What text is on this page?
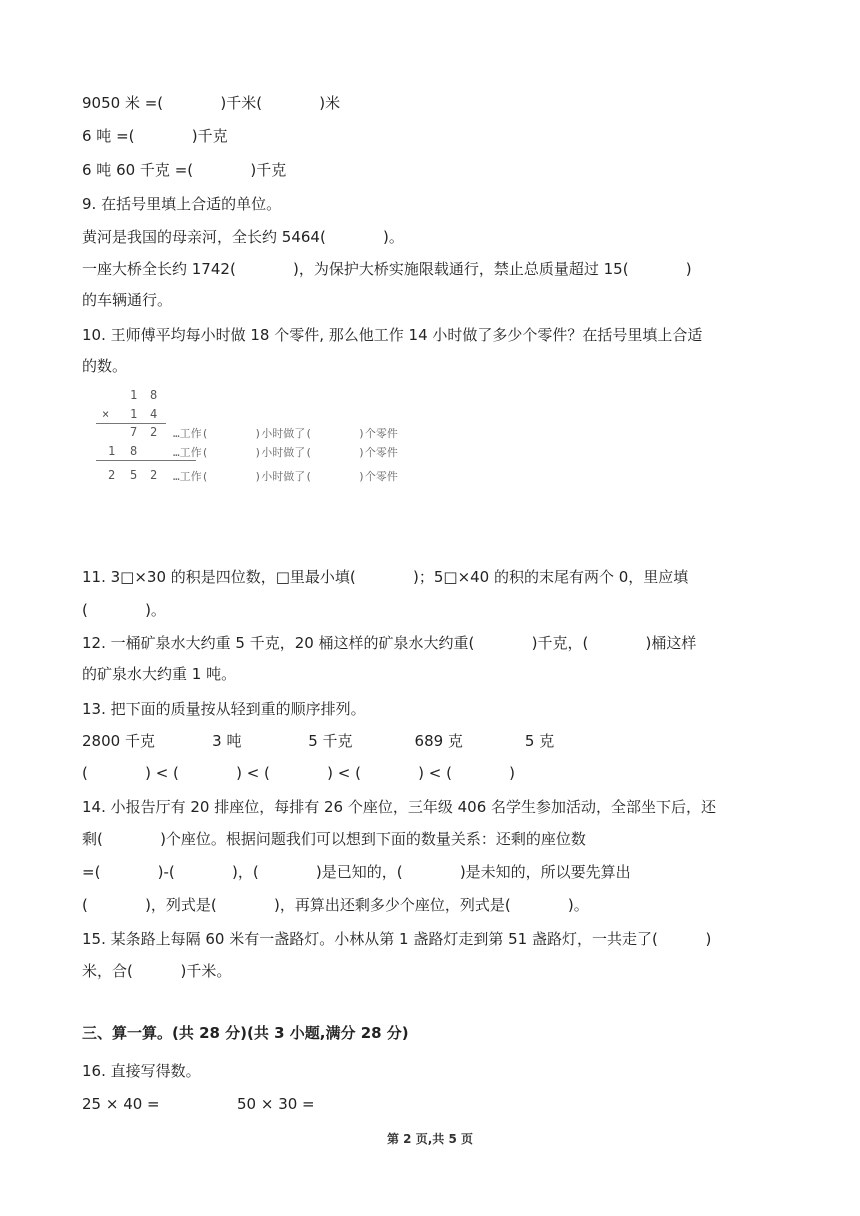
9050 米 =(            )千米(            )米
6 吨 =(            )千克
6 吨 60 千克 =(            )千克
9. 在括号里填上合适的单位。
黄河是我国的母亲河，全长约 5464(            )。
一座大桥全长约 1742(            )，为保护大桥实施限载通行，禁止总质量超过 15(            )
的车辆通行。
10. 王师傅平均每小时做 18 个零件, 那么他工作 14 小时做了多少个零件？在括号里填上合适
的数。
1 8
× 1 4
7 2 …工作(       )小时做了(       )个零件
1 8	…工作(       )小时做了(       )个零件
2 5 2 …工作(       )小时做了(       )个零件
11. 3□×30 的积是四位数，□里最小填(            )；5□×40 的积的末尾有两个 0，里应填
(            )。
12. 一桶矿泉水大约重 5 千克，20 桶这样的矿泉水大约重(            )千克，(            )桶这样
的矿泉水大约重 1 吨。
13. 把下面的质量按从轻到重的顺序排列。
2800 千克            3 吨              5 千克             689 克             5 克
(            ) < (            ) < (            ) < (            ) < (            )
14. 小报告厅有 20 排座位，每排有 26 个座位，三年级 406 名学生参加活动，全部坐下后，还
剩(            )个座位。根据问题我们可以想到下面的数量关系：还剩的座位数
=(            )-(            )，(            )是已知的，(            )是未知的，所以要先算出
(            )，列式是(            )，再算出还剩多少个座位，列式是(            )。
15. 某条路上每隔 60 米有一盏路灯。小林从第 1 盏路灯走到第 51 盏路灯，一共走了(          )
米，合(          )千米。
三、算一算。(共 28 分)(共 3 小题,满分 28 分)
16. 直接写得数。
25 × 40 =	50 × 30 =
第 2 页,共 5 页
